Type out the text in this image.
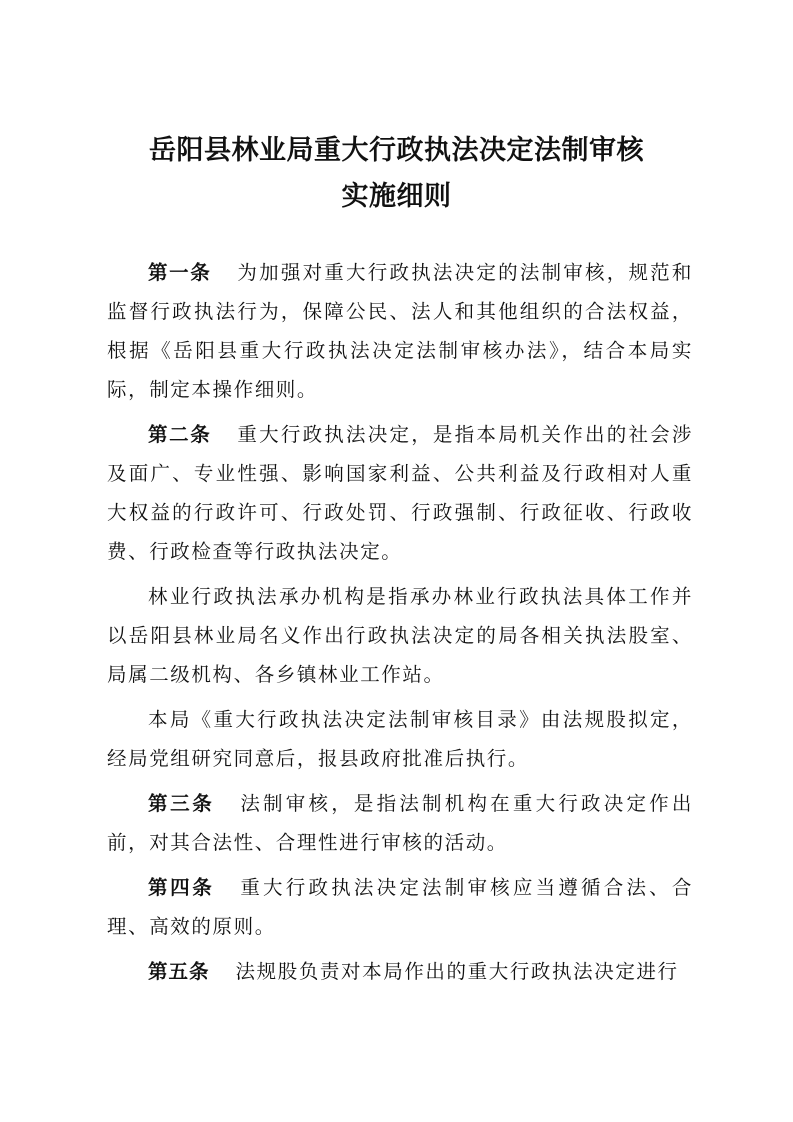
岳阳县林业局重大行政执法决定法制审核
实施细则

第一条 为加强对重大行政执法决定的法制审核，规范和监督行政执法行为，保障公民、法人和其他组织的合法权益，根据《岳阳县重大行政执法决定法制审核办法》，结合本局实际，制定本操作细则。

第二条 重大行政执法决定，是指本局机关作出的社会涉及面广、专业性强、影响国家利益、公共利益及行政相对人重大权益的行政许可、行政处罚、行政强制、行政征收、行政收费、行政检查等行政执法决定。

林业行政执法承办机构是指承办林业行政执法具体工作并以岳阳县林业局名义作出行政执法决定的局各相关执法股室、局属二级机构、各乡镇林业工作站。

本局《重大行政执法决定法制审核目录》由法规股拟定，经局党组研究同意后，报县政府批准后执行。

第三条 法制审核，是指法制机构在重大行政决定作出前，对其合法性、合理性进行审核的活动。

第四条 重大行政执法决定法制审核应当遵循合法、合理、高效的原则。

第五条 法规股负责对本局作出的重大行政执法决定进行
